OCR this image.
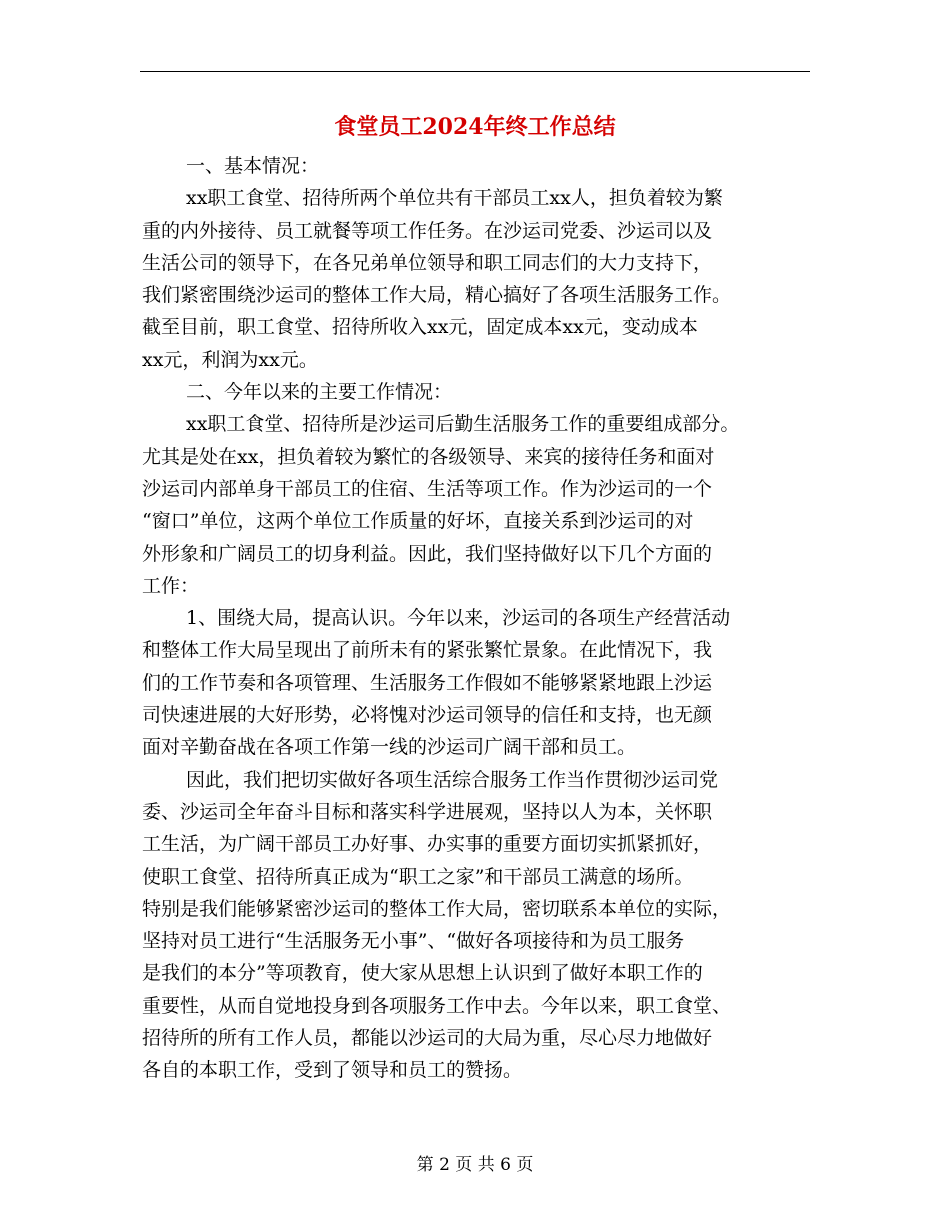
食堂员工2024年终工作总结
一、基本情况：
xx职工食堂、招待所两个单位共有干部员工xx人，担负着较为繁
重的内外接待、员工就餐等项工作任务。在沙运司党委、沙运司以及
生活公司的领导下，在各兄弟单位领导和职工同志们的大力支持下，
我们紧密围绕沙运司的整体工作大局，精心搞好了各项生活服务工作。
截至目前，职工食堂、招待所收入xx元，固定成本xx元，变动成本
xx元，利润为xx元。
二、今年以来的主要工作情况：
xx职工食堂、招待所是沙运司后勤生活服务工作的重要组成部分。
尤其是处在xx，担负着较为繁忙的各级领导、来宾的接待任务和面对
沙运司内部单身干部员工的住宿、生活等项工作。作为沙运司的一个
“窗口”单位，这两个单位工作质量的好坏，直接关系到沙运司的对
外形象和广阔员工的切身利益。因此，我们坚持做好以下几个方面的
工作：
1、围绕大局，提高认识。今年以来，沙运司的各项生产经营活动
和整体工作大局呈现出了前所未有的紧张繁忙景象。在此情况下，我
们的工作节奏和各项管理、生活服务工作假如不能够紧紧地跟上沙运
司快速进展的大好形势，必将愧对沙运司领导的信任和支持，也无颜
面对辛勤奋战在各项工作第一线的沙运司广阔干部和员工。
因此，我们把切实做好各项生活综合服务工作当作贯彻沙运司党
委、沙运司全年奋斗目标和落实科学进展观，坚持以人为本，关怀职
工生活，为广阔干部员工办好事、办实事的重要方面切实抓紧抓好，
使职工食堂、招待所真正成为“职工之家”和干部员工满意的场所。
特别是我们能够紧密沙运司的整体工作大局，密切联系本单位的实际，
坚持对员工进行“生活服务无小事”、“做好各项接待和为员工服务
是我们的本分”等项教育，使大家从思想上认识到了做好本职工作的
重要性，从而自觉地投身到各项服务工作中去。今年以来，职工食堂、
招待所的所有工作人员，都能以沙运司的大局为重，尽心尽力地做好
各自的本职工作，受到了领导和员工的赞扬。
第 2 页 共 6 页
